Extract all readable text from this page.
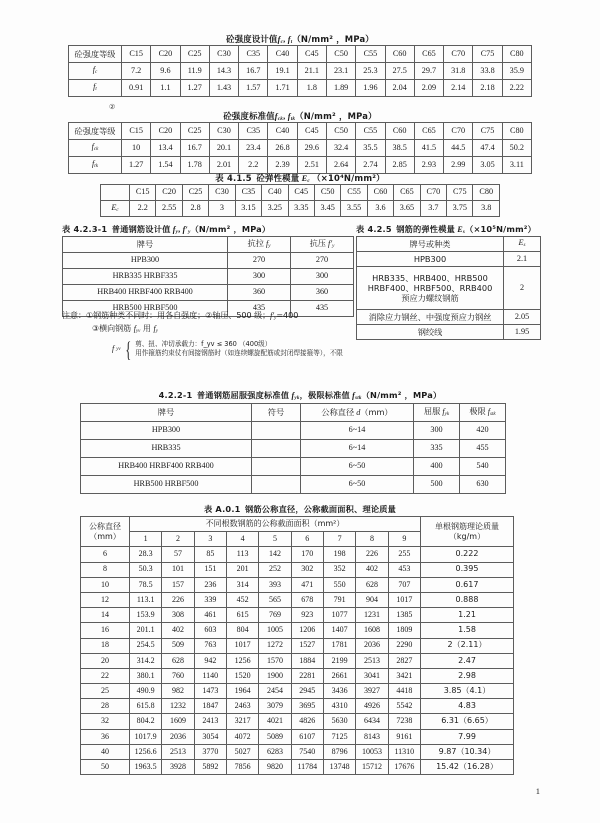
砼强度设计值$f_c$, $f_t(N$/mm² ，MPa）
砼强度等级	C15	C20	C25	C30	C35	C40	C45	C50	C55	C60	C65	C70	C75	C80
$f_c$	7.2	9.6	11.9	14.3	16.7	19.1	21.1	23.1	25.3	27.5	29.7	31.8	33.8	35.9
$f_t$	0.91	1.1	1.27	1.43	1.57	1.71	1.8	1.89	1.96	2.04	2.09	2.14	2.18	2.22
②
砼强度标准值$f_{ck}$, $f_{tk}(N$/mm² ，MPa）
砼强度等级	C15	C20	C25	C30	C35	C40	C45	C50	C55	C60	C65	C70	C75	C80
$f_{ck}$	10	13.4	16.7	20.1	23.4	26.8	29.6	32.4	35.5	38.5	41.5	44.5	47.4	50.2
$f_{tk}$	1.27	1.54	1.78	2.01	2.2	2.39	2.51	2.64	2.74	2.85	2.93	2.99	3.05	3.11
表 4.1.5 砼弹性模量 $E_c$ （×10⁴N/mm²）
	C15	C20	C25	C30	C35	C40	C45	C50	C55	C60	C65	C70	C75	C80
$E_c$	2.2	2.55	2.8	3	3.15	3.25	3.35	3.45	3.55	3.6	3.65	3.7	3.75	3.8
表 4.2.3-1 普通钢筋设计值 $f_y$, $f'_y(N$/mm² ，MPa）
牌号	抗拉 $f_y$	抗压 $f'_y$
HPB300	270	270
HRB335 HRBF335	300	300
HRB400 HRBF400 RRB400	360	360
HRB500 HRBF500	435	435
表 4.2.5 钢筋的弹性模量 $E_s(\times 10^5N/mm^2)$
牌号或种类	$E_s$
HPB300	2.1
HRB335、HRB400、HRB500
HRBF400、HRBF500、RRB400
预应力螺纹钢筋	2
消除应力钢丝、中强度预应力钢丝	2.05
钢绞线	1.95
注意：①钢筋种类不同时：用各自强度；②轴压、500 级；$f'_y=400$
③横向钢筋 $f_{yv}$ 用 $f_y$
f yv { 剪、扭、冲切承载力：f_yv ≤ 360 （400级）
用作箍筋约束仗有间接钢筋时（如连续螺旋配筋或封闭焊接箍等），不限
4.2.2-1 普通钢筋屈服强度标准值 $f_{yk}$，极限标准值 $f_{stk}(N$/mm² ，MPa）
牌号	符号	公称直径 d（mm）	屈服 $f_{yk}$	极限 $f_{stk}$
HPB300		6~14	300	420
HRB335		6~14	335	455
HRB400 HRBF400 RRB400		6~50	400	540
HRB500 HRBF500		6~50	500	630
表 A.0.1 钢筋公称直径，公称截面面积、理论质量
公称直径
（mm）	不同根数钢筋的公称截面面积（mm²）									单根钢筋理论质量
（kg/m）
	1	2	3	4	5	6	7	8	9	
6	28.3	57	85	113	142	170	198	226	255	0.222
8	50.3	101	151	201	252	302	352	402	453	0.395
10	78.5	157	236	314	393	471	550	628	707	0.617
12	113.1	226	339	452	565	678	791	904	1017	0.888
14	153.9	308	461	615	769	923	1077	1231	1385	1.21
16	201.1	402	603	804	1005	1206	1407	1608	1809	1.58
18	254.5	509	763	1017	1272	1527	1781	2036	2290	2（2.11）
20	314.2	628	942	1256	1570	1884	2199	2513	2827	2.47
22	380.1	760	1140	1520	1900	2281	2661	3041	3421	2.98
25	490.9	982	1473	1964	2454	2945	3436	3927	4418	3.85（4.1）
28	615.8	1232	1847	2463	3079	3695	4310	4926	5542	4.83
32	804.2	1609	2413	3217	4021	4826	5630	6434	7238	6.31（6.65）
36	1017.9	2036	3054	4072	5089	6107	7125	8143	9161	7.99
40	1256.6	2513	3770	5027	6283	7540	8796	10053	11310	9.87（10.34）
50	1963.5	3928	5892	7856	9820	11784	13748	15712	17676	15.42（16.28）
1
